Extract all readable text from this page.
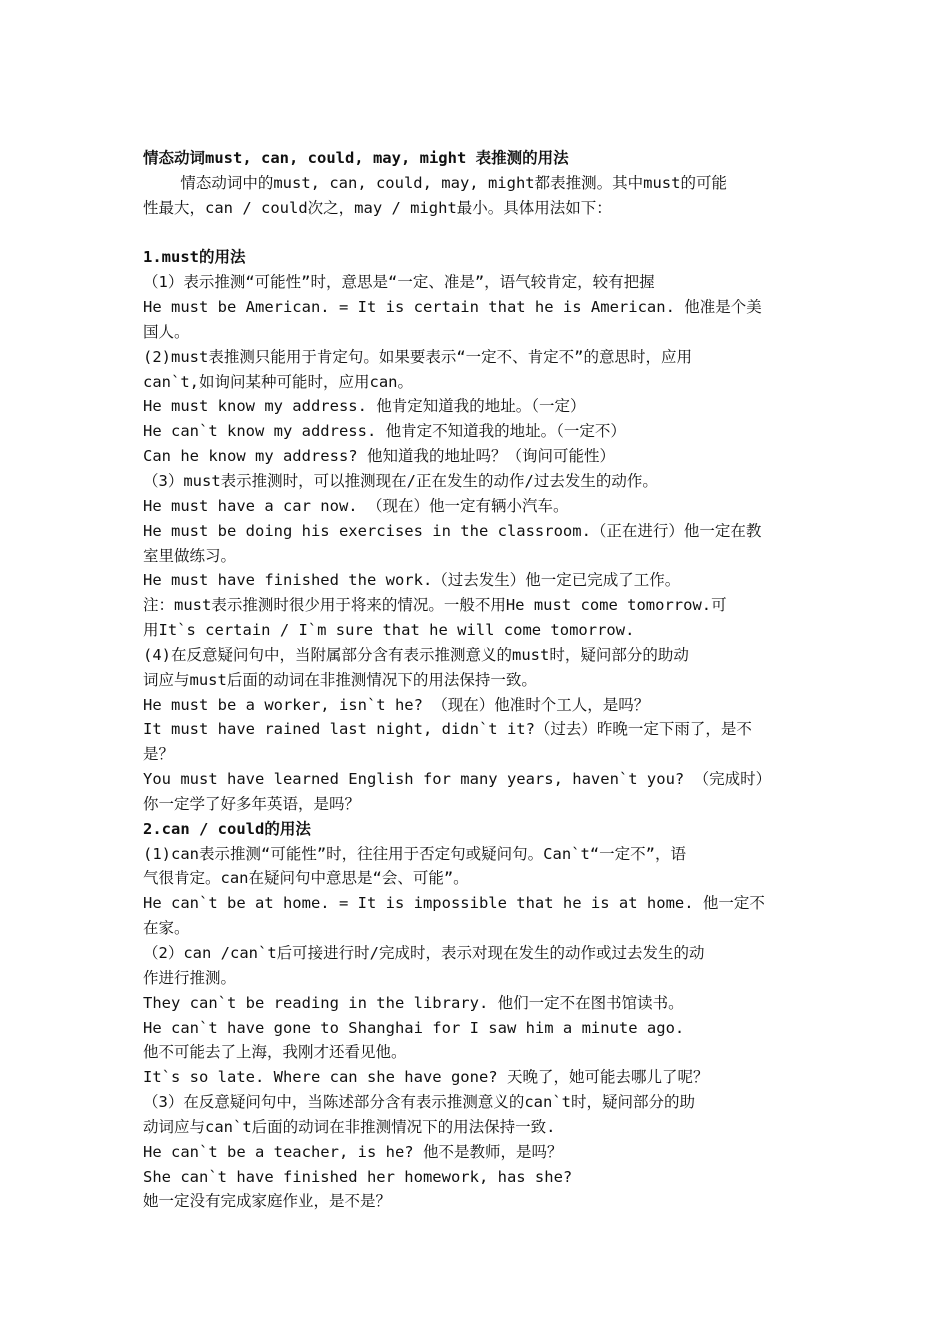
情态动词must, can, could, may, might 表推测的用法
情态动词中的must, can, could, may, might都表推测。其中must的可能
性最大，can / could次之，may / might最小。具体用法如下：
1.must的用法
（1）表示推测“可能性”时，意思是“一定、准是”，语气较肯定，较有把握
He must be American. = It is certain that he is American. 他准是个美
国人。
(2)must表推测只能用于肯定句。如果要表示“一定不、肯定不”的意思时，应用
can`t,如询问某种可能时，应用can。
He must know my address. 他肯定知道我的地址。（一定）
He can`t know my address. 他肯定不知道我的地址。（一定不）
Can he know my address? 他知道我的地址吗？（询问可能性）
（3）must表示推测时，可以推测现在/正在发生的动作/过去发生的动作。
He must have a car now. （现在）他一定有辆小汽车。
He must be doing his exercises in the classroom.（正在进行）他一定在教
室里做练习。
He must have finished the work.（过去发生）他一定已完成了工作。
注：must表示推测时很少用于将来的情况。一般不用He must come tomorrow.可
用It`s certain / I`m sure that he will come tomorrow.
(4)在反意疑问句中，当附属部分含有表示推测意义的must时，疑问部分的助动
词应与must后面的动词在非推测情况下的用法保持一致。
He must be a worker, isn`t he? （现在）他准时个工人，是吗？
It must have rained last night, didn`t it?（过去）昨晚一定下雨了，是不
是？
You must have learned English for many years, haven`t you? （完成时）
你一定学了好多年英语，是吗？
2.can / could的用法
(1)can表示推测“可能性”时，往往用于否定句或疑问句。Can`t“一定不”，语
气很肯定。can在疑问句中意思是“会、可能”。
He can`t be at home. = It is impossible that he is at home. 他一定不
在家。
（2）can /can`t后可接进行时/完成时，表示对现在发生的动作或过去发生的动
作进行推测。
They can`t be reading in the library. 他们一定不在图书馆读书。
He can`t have gone to Shanghai for I saw him a minute ago.
他不可能去了上海，我刚才还看见他。
It`s so late. Where can she have gone? 天晚了，她可能去哪儿了呢？
（3）在反意疑问句中，当陈述部分含有表示推测意义的can`t时，疑问部分的助
动词应与can`t后面的动词在非推测情况下的用法保持一致.
He can`t be a teacher, is he? 他不是教师，是吗？
She can`t have finished her homework, has she?
她一定没有完成家庭作业，是不是？
